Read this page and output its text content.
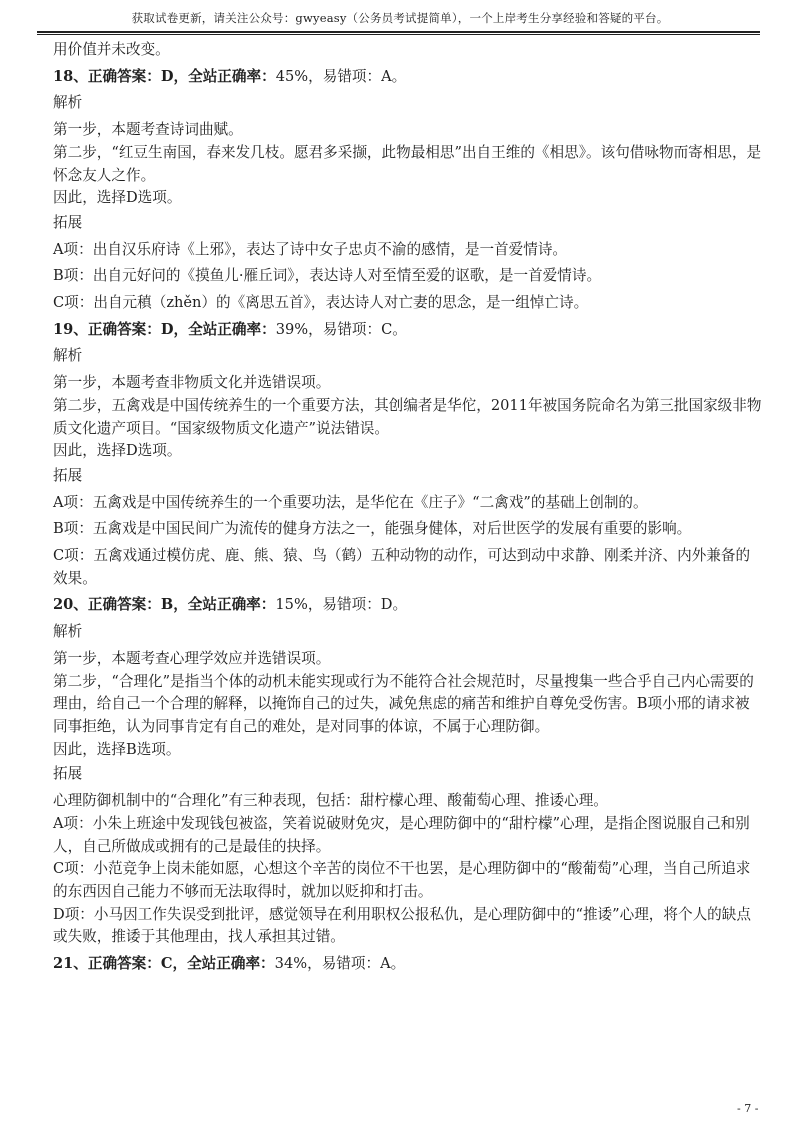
获取试卷更新，请关注公众号：gwyeasy（公务员考试提简单），一个上岸考生分享经验和答疑的平台。

用价值并未改变。

18、正确答案：D，全站正确率：45%，易错项：A。

解析

第一步，本题考查诗词曲赋。

第二步，“红豆生南国，春来发几枝。愿君多采撷，此物最相思”出自王维的《相思》。该句借咏物而寄相思，是怀念友人之作。

因此，选择D选项。

拓展

A项：出自汉乐府诗《上邪》，表达了诗中女子忠贞不渝的感情，是一首爱情诗。

B项：出自元好问的《摸鱼儿·雁丘词》，表达诗人对至情至爱的讴歌，是一首爱情诗。

C项：出自元稹（zhěn）的《离思五首》，表达诗人对亡妻的思念，是一组悼亡诗。

19、正确答案：D，全站正确率：39%，易错项：C。

解析

第一步，本题考查非物质文化并选错误项。

第二步，五禽戏是中国传统养生的一个重要方法，其创编者是华佗，2011年被国务院命名为第三批国家级非物质文化遗产项目。“国家级物质文化遗产”说法错误。

因此，选择D选项。

拓展

A项：五禽戏是中国传统养生的一个重要功法，是华佗在《庄子》“二禽戏”的基础上创制的。

B项：五禽戏是中国民间广为流传的健身方法之一，能强身健体，对后世医学的发展有重要的影响。

C项：五禽戏通过模仿虎、鹿、熊、猿、鸟（鹤）五种动物的动作，可达到动中求静、刚柔并济、内外兼备的效果。

20、正确答案：B，全站正确率：15%，易错项：D。

解析

第一步，本题考查心理学效应并选错误项。

第二步，“合理化”是指当个体的动机未能实现或行为不能符合社会规范时，尽量搜集一些合乎自己内心需要的理由，给自己一个合理的解释，以掩饰自己的过失，减免焦虑的痛苦和维护自尊免受伤害。B项小邢的请求被同事拒绝，认为同事肯定有自己的难处，是对同事的体谅，不属于心理防御。

因此，选择B选项。

拓展

心理防御机制中的“合理化”有三种表现，包括：甜柠檬心理、酸葡萄心理、推诿心理。

A项：小朱上班途中发现钱包被盗，笑着说破财免灾，是心理防御中的“甜柠檬”心理，是指企图说服自己和别人，自己所做成或拥有的己是最佳的抉择。

C项：小范竞争上岗未能如愿，心想这个辛苦的岗位不干也罢，是心理防御中的“酸葡萄”心理，当自己所追求的东西因自己能力不够而无法取得时，就加以贬抑和打击。

D项：小马因工作失误受到批评，感觉领导在利用职权公报私仇，是心理防御中的“推诿”心理，将个人的缺点或失败，推诿于其他理由，找人承担其过错。

21、正确答案：C，全站正确率：34%，易错项：A。

- 7 -
